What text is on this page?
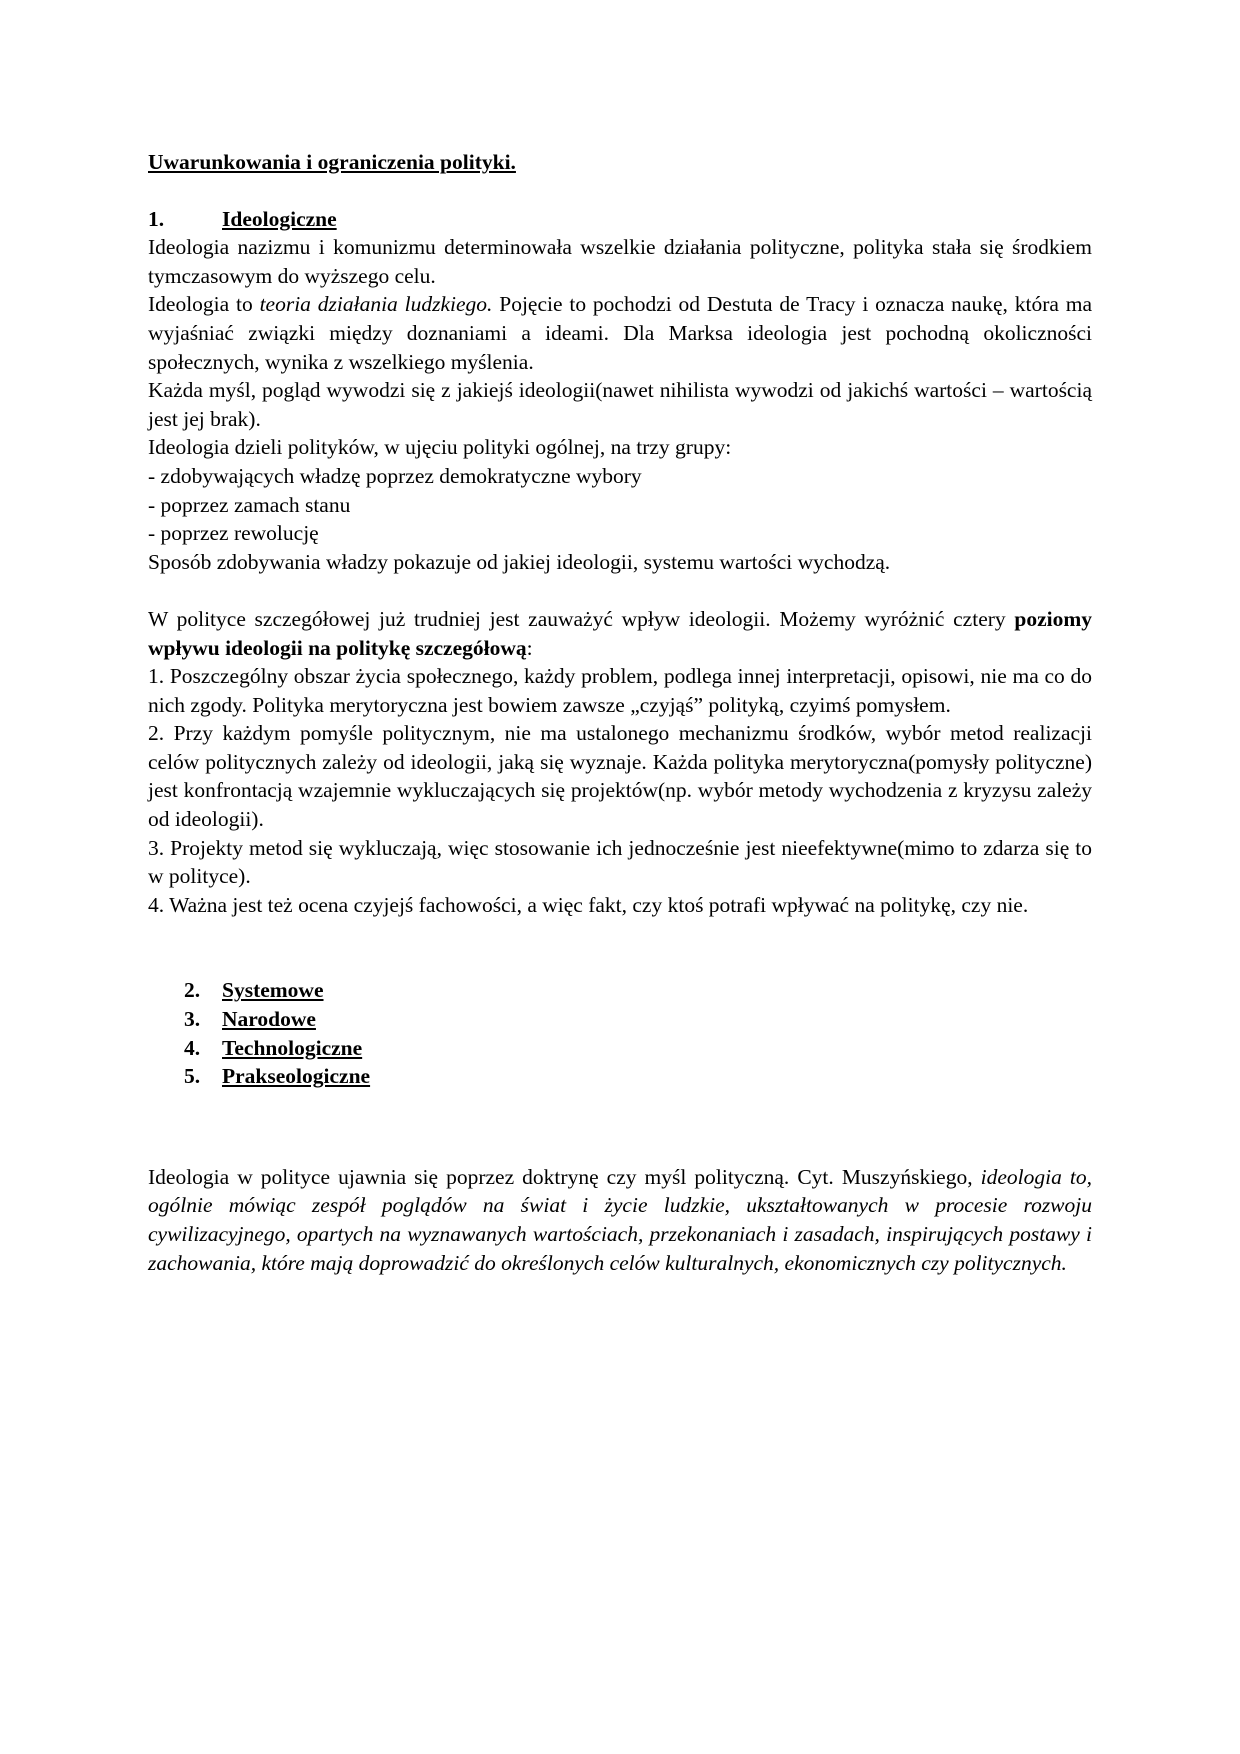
Uwarunkowania i ograniczenia polityki.

1.	Ideologiczne

Ideologia nazizmu i komunizmu determinowała wszelkie działania polityczne, polityka stała się środkiem tymczasowym do wyższego celu.

Ideologia to teoria działania ludzkiego. Pojęcie to pochodzi od Destuta de Tracy i oznacza naukę, która ma wyjaśniać związki między doznaniami a ideami. Dla Marksa ideologia jest pochodną okoliczności społecznych, wynika z wszelkiego myślenia.

Każda myśl, pogląd wywodzi się z jakiejś ideologii(nawet nihilista wywodzi od jakichś wartości – wartością jest jej brak).

Ideologia dzieli polityków, w ujęciu polityki ogólnej, na trzy grupy:

- zdobywających władzę poprzez demokratyczne wybory

- poprzez zamach stanu

- poprzez rewolucję

Sposób zdobywania władzy pokazuje od jakiej ideologii, systemu wartości wychodzą.

W polityce szczegółowej już trudniej jest zauważyć wpływ ideologii. Możemy wyróżnić cztery poziomy wpływu ideologii na politykę szczegółową:

1. Poszczególny obszar życia społecznego, każdy problem, podlega innej interpretacji, opisowi, nie ma co do nich zgody. Polityka merytoryczna jest bowiem zawsze „czyjąś” polityką, czyimś pomysłem.

2. Przy każdym pomyśle politycznym, nie ma ustalonego mechanizmu środków, wybór metod realizacji celów politycznych zależy od ideologii, jaką się wyznaje. Każda polityka merytoryczna(pomysły polityczne) jest konfrontacją wzajemnie wykluczających się projektów(np. wybór metody wychodzenia z kryzysu zależy od ideologii).

3. Projekty metod się wykluczają, więc stosowanie ich jednocześnie jest nieefektywne(mimo to zdarza się to w polityce).

4. Ważna jest też ocena czyjejś fachowości, a więc fakt, czy ktoś potrafi wpływać na politykę, czy nie.

2.	Systemowe
3.	Narodowe
4.	Technologiczne
5.	Prakseologiczne

Ideologia w polityce ujawnia się poprzez doktrynę czy myśl polityczną. Cyt. Muszyńskiego, ideologia to, ogólnie mówiąc zespół poglądów na świat i życie ludzkie, ukształtowanych w procesie rozwoju cywilizacyjnego, opartych na wyznawanych wartościach, przekonaniach i zasadach, inspirujących postawy i zachowania, które mają doprowadzić do określonych celów kulturalnych, ekonomicznych czy politycznych.
